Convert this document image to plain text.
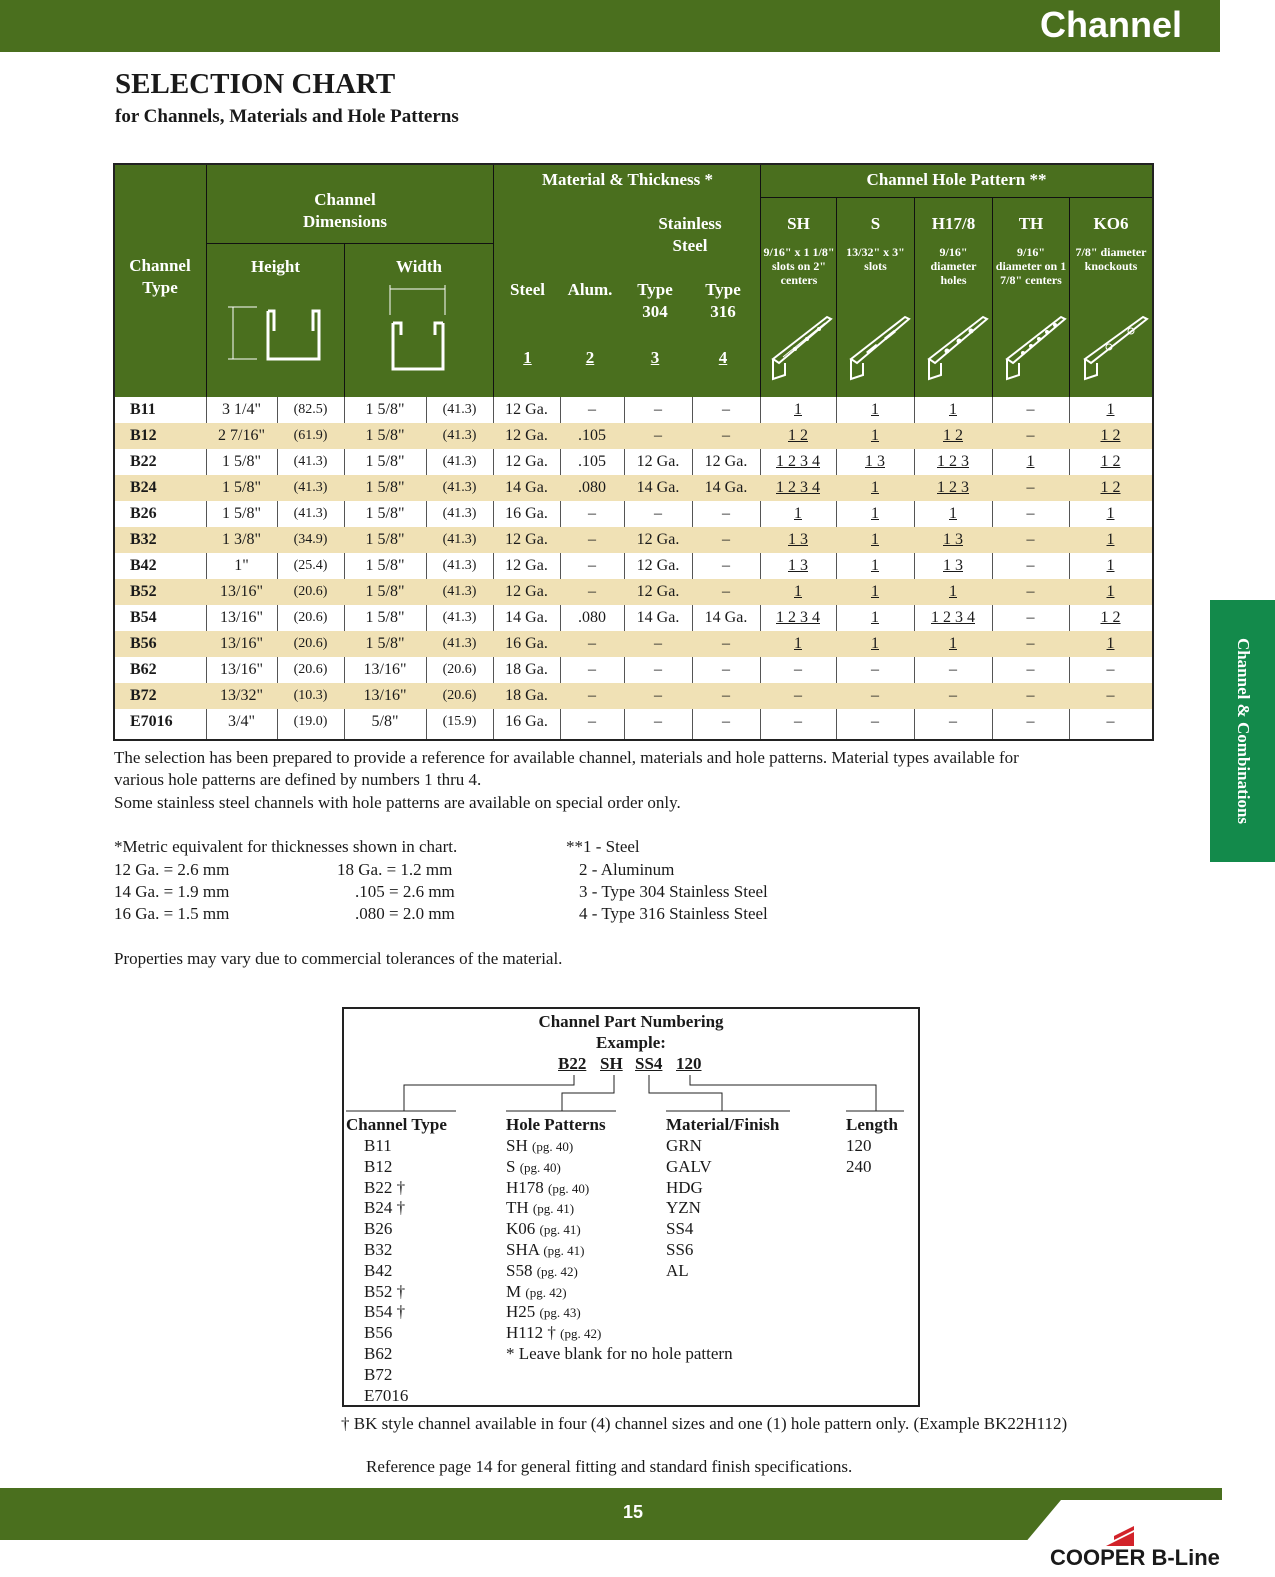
Channel
SELECTION CHART
for Channels, Materials and Hole Patterns
Channel & Combinations
Channel Type
Channel Dimensions
Height	Width
Material & Thickness *
Stainless Steel
Steel	Alum.	Type 304
Type 316
1	2	3	4
Channel Hole Pattern **
SH	S	H17/8	TH	KO6
9/16" x 1 1/8" slots on 2" centers
13/32" x 3" slots
9/16" diameter holes
9/16" diameter on 1 7/8" centers
7/8" diameter knockouts
B11	3 1/4"	(82.5)	1 5/8"	(41.3)	12 Ga.	–	–	–	1	1	1	–	1
B12	2 7/16"	(61.9)	1 5/8"	(41.3)	12 Ga.	.105	–	–	1 2	1	1 2	–	1 2
B22	1 5/8"	(41.3)	1 5/8"	(41.3)	12 Ga.	.105	12 Ga.	12 Ga.	1 2 3 4	1 3	1 2 3	1	1 2
B24	1 5/8"	(41.3)	1 5/8"	(41.3)	14 Ga.	.080	14 Ga.	14 Ga.	1 2 3 4	1	1 2 3	–	1 2
B26	1 5/8"	(41.3)	1 5/8"	(41.3)	16 Ga.	–	–	–	1	1	1	–	1
B32	1 3/8"	(34.9)	1 5/8"	(41.3)	12 Ga.	–	12 Ga.	–	1 3	1	1 3	–	1
B42	1"	(25.4)	1 5/8"	(41.3)	12 Ga.	–	12 Ga.	–	1 3	1	1 3	–	1
B52	13/16"	(20.6)	1 5/8"	(41.3)	12 Ga.	–	12 Ga.	–	1	1	1	–	1
B54	13/16"	(20.6)	1 5/8"	(41.3)	14 Ga.	.080	14 Ga.	14 Ga.	1 2 3 4	1	1 2 3 4	–	1 2
B56	13/16"	(20.6)	1 5/8"	(41.3)	16 Ga.	–	–	–	1	1	1	–	1
B62	13/16"	(20.6)	13/16"	(20.6)	18 Ga.	–	–	–	–	–	–	–	–
B72	13/32"	(10.3)	13/16"	(20.6)	18 Ga.	–	–	–	–	–	–	–	–
E7016	3/4"	(19.0)	5/8"	(15.9)	16 Ga.	–	–	–	–	–	–	–	–
The selection has been prepared to provide a reference for available channel, materials and hole patterns. Material types available for
various hole patterns are defined by numbers 1 thru 4.
Some stainless steel channels with hole patterns are available on special order only.
*Metric equivalent for thicknesses shown in chart.
12 Ga. = 2.6 mm
14 Ga. = 1.9 mm
16 Ga. = 1.5 mm
18 Ga. = 1.2 mm
.105 = 2.6 mm
.080 = 2.0 mm
**1 - Steel
2 - Aluminum
3 - Type 304 Stainless Steel
4 - Type 316 Stainless Steel
Properties may vary due to commercial tolerances of the material.
Channel Part Numbering
Example:
B22 SH SS4 120
Channel Type	Hole Patterns	Material/Finish	Length
B11
B12
B22 †
B24 †
B26
B32
B42
B52 †
B54 †
B56
B62
B72
E7016
SH (pg. 40)
S (pg. 40)
H178 (pg. 40)
TH (pg. 41)
K06 (pg. 41)
SHA (pg. 41)
S58 (pg. 42)
M (pg. 42)
H25 (pg. 43)
H112 † (pg. 42)
* Leave blank for no hole pattern
GRN
GALV
HDG
YZN
SS4
SS6
AL
120
240
† BK style channel available in four (4) channel sizes and one (1) hole pattern only. (Example BK22H112)
Reference page 14 for general fitting and standard finish specifications.
15
COOPER B-Line
